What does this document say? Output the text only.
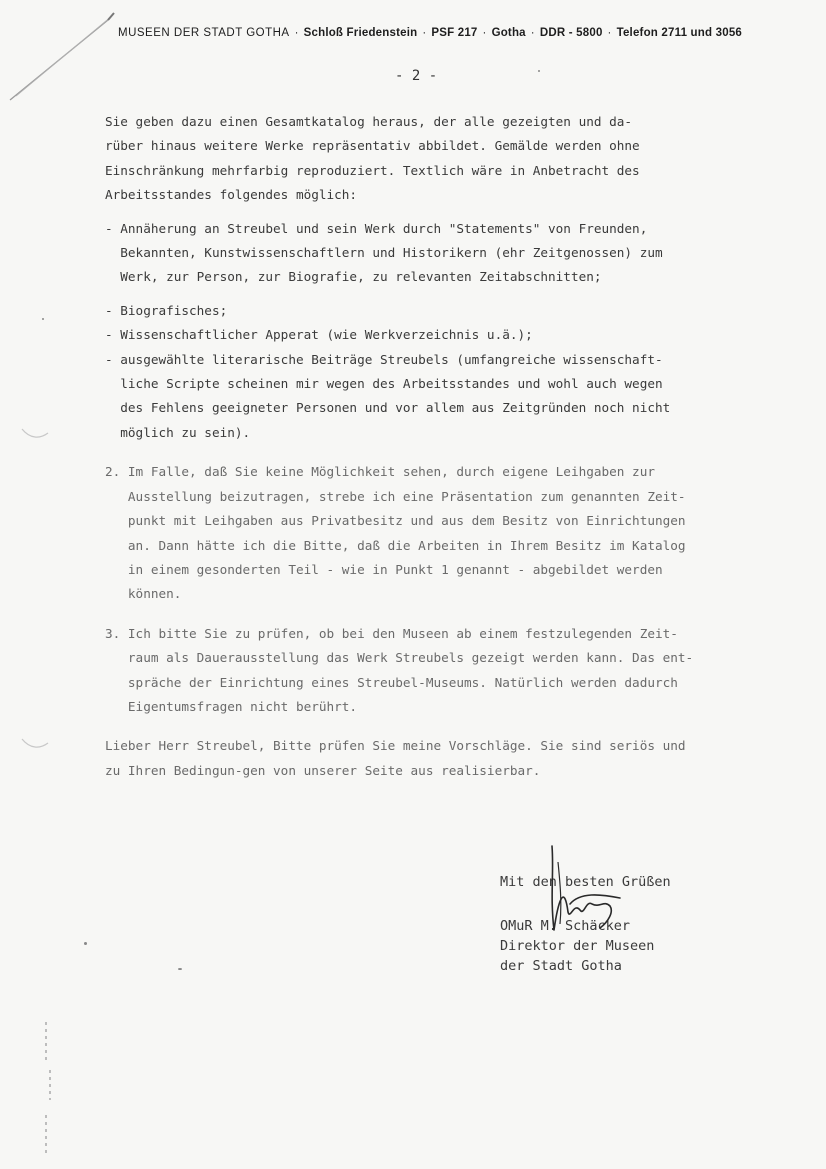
MUSEEN DER STADT GOTHA · Schloß Friedenstein · PSF 217 · Gotha · DDR - 5800 · Telefon 2711 und 3056
- 2 -
Sie geben dazu einen Gesamtkatalog heraus, der alle gezeigten und da-
rüber hinaus weitere Werke repräsentativ abbildet. Gemälde werden ohne
Einschränkung mehrfarbig reproduziert. Textlich wäre in Anbetracht des
Arbeitsstandes folgendes möglich:
- Annäherung an Streubel und sein Werk durch "Statements" von Freunden,
Bekannten, Kunstwissenschaftlern und Historikern (ehr Zeitgenossen) zum
Werk, zur Person, zur Biografie, zu relevanten Zeitabschnitten;
- Biografisches;
- Wissenschaftlicher Apperat (wie Werkverzeichnis u.ä.);
- ausgewählte literarische Beiträge Streubels (umfangreiche wissenschaft-
liche Scripte scheinen mir wegen des Arbeitsstandes und wohl auch wegen
des Fehlens geeigneter Personen und vor allem aus Zeitgründen noch nicht
möglich zu sein).
2. Im Falle, daß Sie keine Möglichkeit sehen, durch eigene Leihgaben zur
Ausstellung beizutragen, strebe ich eine Präsentation zum genannten Zeit-
punkt mit Leihgaben aus Privatbesitz und aus dem Besitz von Einrichtungen
an. Dann hätte ich die Bitte, daß die Arbeiten in Ihrem Besitz im Katalog
in einem gesonderten Teil - wie in Punkt 1 genannt - abgebildet werden
können.
3. Ich bitte Sie zu prüfen, ob bei den Museen ab einem festzulegenden Zeit-
raum als Dauerausstellung das Werk Streubels gezeigt werden kann. Das ent-
spräche der Einrichtung eines Streubel-Museums. Natürlich werden dadurch
Eigentumsfragen nicht berührt.
Lieber Herr Streubel, Bitte prüfen Sie meine Vorschläge. Sie sind seriös und
zu Ihren Bedingun-gen von unserer Seite aus realisierbar.
Mit den besten Grüßen
OMuR M. Schäcker
Direktor der Museen
der Stadt Gotha
